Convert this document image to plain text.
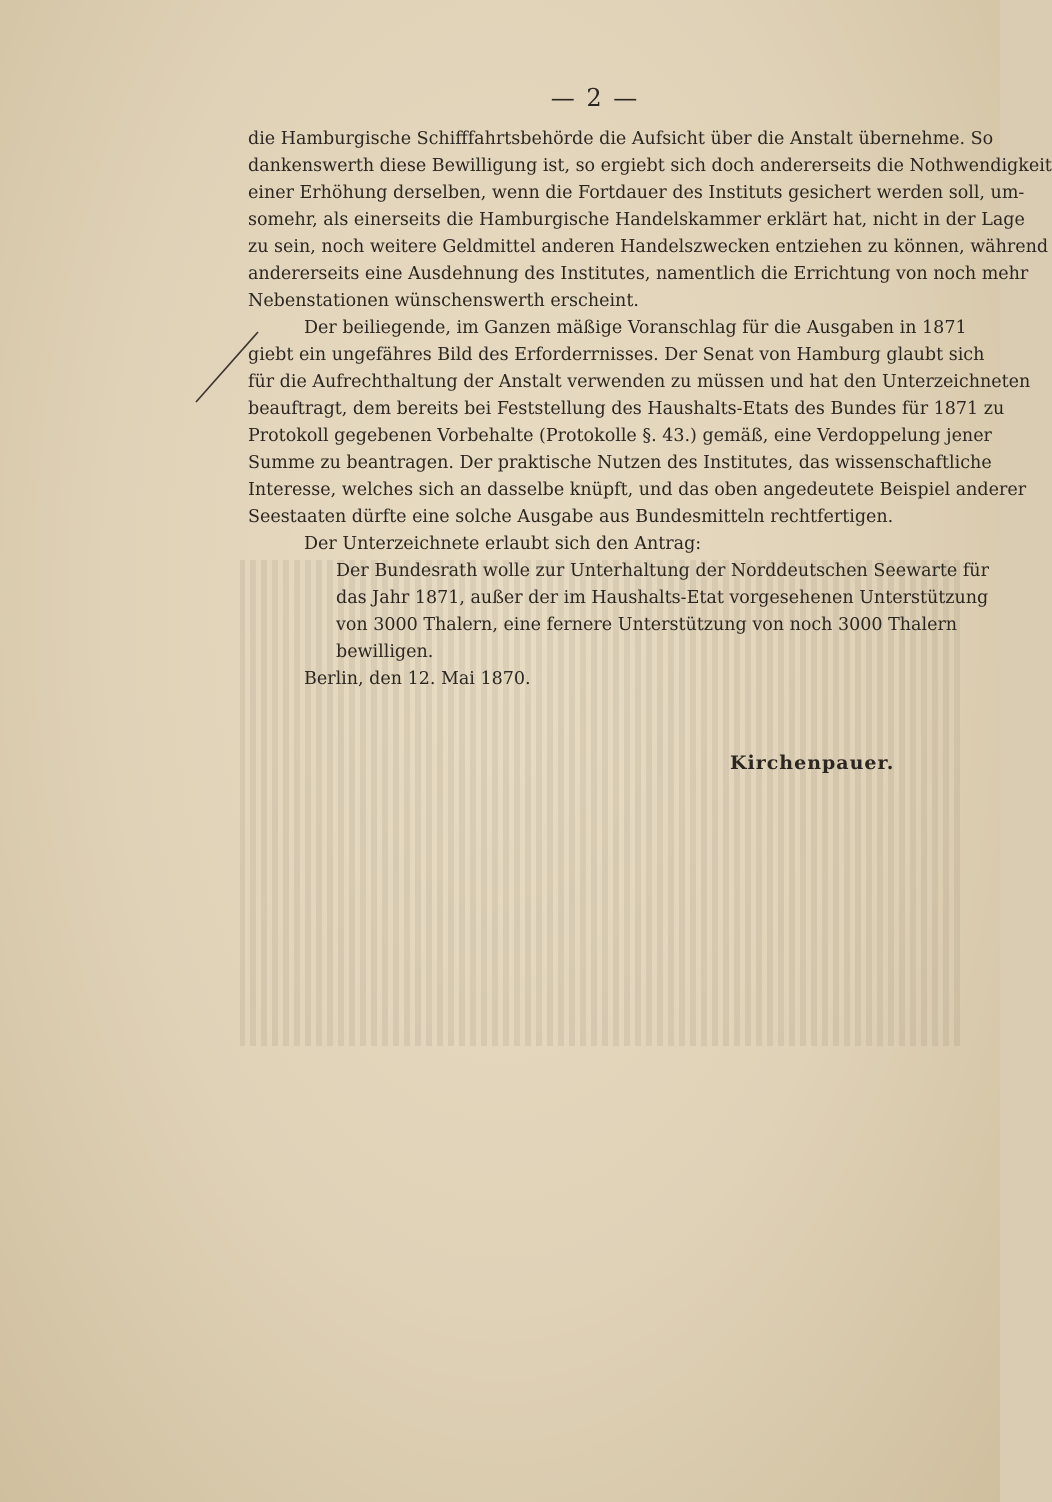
— 2 —
die Hamburgische Schifffahrtsbehörde die Aufsicht über die Anstalt übernehme. So
dankenswerth diese Bewilligung ist, so ergiebt sich doch andererseits die Nothwendigkeit
einer Erhöhung derselben, wenn die Fortdauer des Instituts gesichert werden soll, um-
somehr, als einerseits die Hamburgische Handelskammer erklärt hat, nicht in der Lage
zu sein, noch weitere Geldmittel anderen Handelszwecken entziehen zu können, während
andererseits eine Ausdehnung des Institutes, namentlich die Errichtung von noch mehr
Nebenstationen wünschenswerth erscheint.
Der beiliegende, im Ganzen mäßige Voranschlag für die Ausgaben in 1871
giebt ein ungefähres Bild des Erforderrnisses. Der Senat von Hamburg glaubt sich
für die Aufrechthaltung der Anstalt verwenden zu müssen und hat den Unterzeichneten
beauftragt, dem bereits bei Feststellung des Haushalts-Etats des Bundes für 1871 zu
Protokoll gegebenen Vorbehalte (Protokolle §. 43.) gemäß, eine Verdoppelung jener
Summe zu beantragen. Der praktische Nutzen des Institutes, das wissenschaftliche
Interesse, welches sich an dasselbe knüpft, und das oben angedeutete Beispiel anderer
Seestaaten dürfte eine solche Ausgabe aus Bundesmitteln rechtfertigen.
Der Unterzeichnete erlaubt sich den Antrag:
Der Bundesrath wolle zur Unterhaltung der Norddeutschen Seewarte für
das Jahr 1871, außer der im Haushalts-Etat vorgesehenen Unterstützung
von 3000 Thalern, eine fernere Unterstützung von noch 3000 Thalern
bewilligen.
Berlin, den 12. Mai 1870.
Kirchenpauer.
